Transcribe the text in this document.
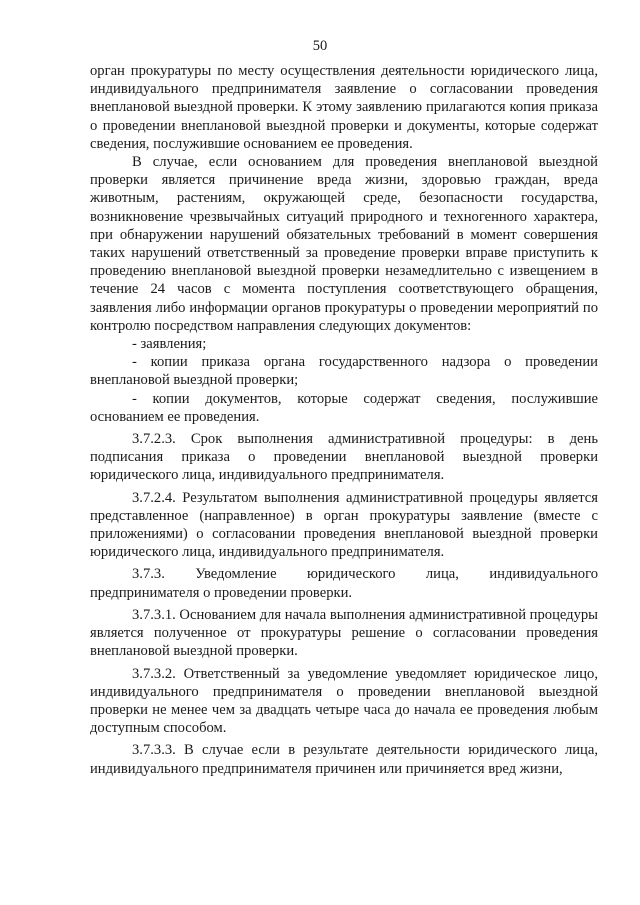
50

орган прокуратуры по месту осуществления деятельности юридического лица, индивидуального предпринимателя заявление о согласовании проведения внеплановой выездной проверки. К этому заявлению прилагаются копия приказа о проведении внеплановой выездной проверки и документы, которые содержат сведения, послужившие основанием ее проведения.

В случае, если основанием для проведения внеплановой выездной проверки является причинение вреда жизни, здоровью граждан, вреда животным, растениям, окружающей среде, безопасности государства, возникновение чрезвычайных ситуаций природного и техногенного характера, при обнаружении нарушений обязательных требований в момент совершения таких нарушений ответственный за проведение проверки вправе приступить к проведению внеплановой выездной проверки незамедлительно с извещением в течение 24 часов с момента поступления соответствующего обращения, заявления либо информации органов прокуратуры о проведении мероприятий по контролю посредством направления следующих документов:

- заявления;

- копии приказа органа государственного надзора о проведении внеплановой выездной проверки;

- копии документов, которые содержат сведения, послужившие основанием ее проведения.

3.7.2.3. Срок выполнения административной процедуры: в день подписания приказа о проведении внеплановой выездной проверки юридического лица, индивидуального предпринимателя.

3.7.2.4. Результатом выполнения административной процедуры является представленное (направленное) в орган прокуратуры заявление (вместе с приложениями) о согласовании проведения внеплановой выездной проверки юридического лица, индивидуального предпринимателя.

3.7.3. Уведомление юридического лица, индивидуального предпринимателя о проведении проверки.

3.7.3.1. Основанием для начала выполнения административной процедуры является полученное от прокуратуры решение о согласовании проведения внеплановой выездной проверки.

3.7.3.2. Ответственный за уведомление уведомляет юридическое лицо, индивидуального предпринимателя о проведении внеплановой выездной проверки не менее чем за двадцать четыре часа до начала ее проведения любым доступным способом.

3.7.3.3. В случае если в результате деятельности юридического лица, индивидуального предпринимателя причинен или причиняется вред жизни,
